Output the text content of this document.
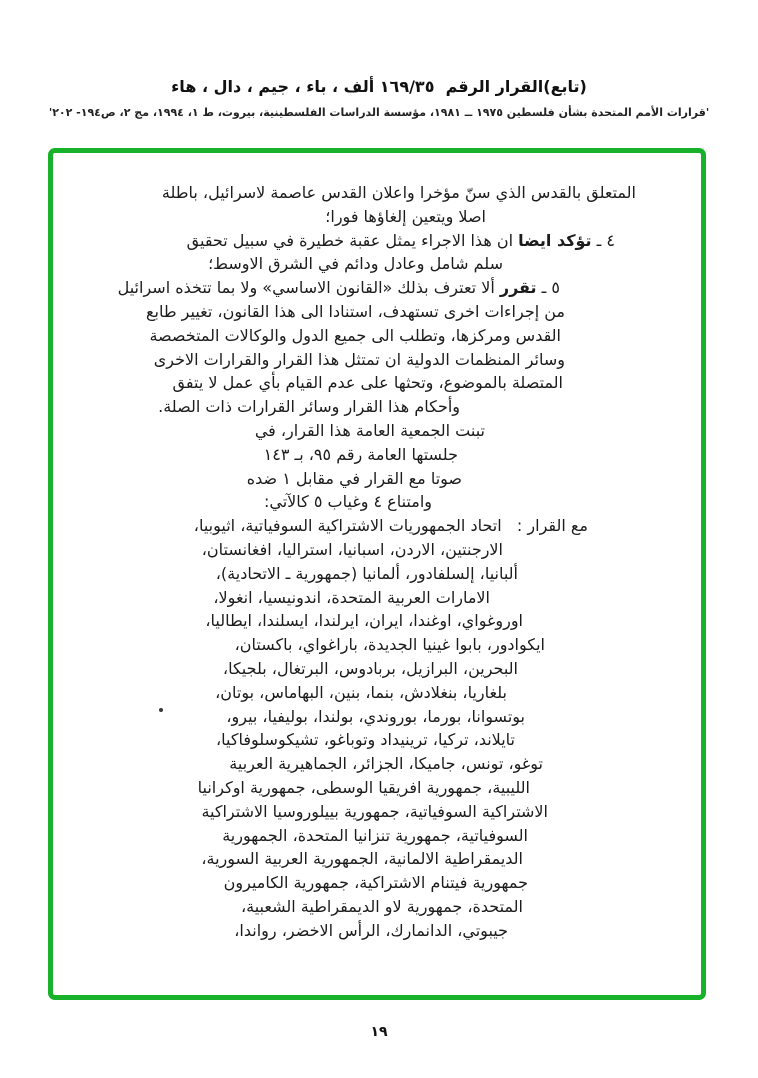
(تابع)القرار الرقم  ١٦٩/٣٥ ألف ، باء ، جيم ، دال ، هاء
'قرارات الأمم المتحدة بشأن فلسطين ١٩٧٥ ــ ١٩٨١، مؤسسة الدراسات الفلسطينية، بيروت، ط ١، ١٩٩٤، مج ٢، ص١٩٤- ٢٠٢'
المتعلق بالقدس الذي سنّ مؤخرا واعلان القدس عاصمة لاسرائيل، باطلة
اصلا ويتعين إلغاؤها فورا؛
٤ ـ تؤكد ايضا ان هذا الاجراء يمثل عقبة خطيرة في سبيل تحقيق
سلم شامل وعادل ودائم في الشرق الاوسط؛
٥ ـ تقرر ألا تعترف بذلك «القانون الاساسي» ولا بما تتخذه اسرائيل
من إجراءات اخرى تستهدف، استنادا الى هذا القانون، تغيير طابع
القدس ومركزها، وتطلب الى جميع الدول والوكالات المتخصصة
وسائر المنظمات الدولية ان تمتثل هذا القرار والقرارات الاخرى
المتصلة بالموضوع، وتحثها على عدم القيام بأي عمل لا يتفق
وأحكام هذا القرار وسائر القرارات ذات الصلة.
تبنت الجمعية العامة هذا القرار، في
جلستها العامة رقم ٩٥، بـ ١٤٣
صوتا مع القرار في مقابل ١ ضده
وامتناع ٤ وغياب ٥ كالآتي:
مع القرار :   اتحاد الجمهوريات الاشتراكية السوفياتية، اثيوبيا،
الارجنتين، الاردن، اسبانيا، استراليا، افغانستان،
ألبانيا، إلسلفادور، ألمانيا (جمهورية ـ الاتحادية)،
الامارات العربية المتحدة، اندونيسيا، انغولا،
اوروغواي، اوغندا، ايران، ايرلندا، ايسلندا، ايطاليا،
ايكوادور، بابوا غينيا الجديدة، باراغواي، باكستان،
البحرين، البرازيل، بربادوس، البرتغال، بلجيكا،
بلغاريا، بنغلادش، بنما، بنين، البهاماس، بوتان،
بوتسوانا، بورما، بوروندي، بولندا، بوليفيا، بيرو،
تايلاند، تركيا، ترينيداد وتوباغو، تشيكوسلوفاكيا،
توغو، تونس، جاميكا، الجزائر، الجماهيرية العربية
الليبية، جمهورية افريقيا الوسطى، جمهورية اوكرانيا
الاشتراكية السوفياتية، جمهورية بييلوروسيا الاشتراكية
السوفياتية، جمهورية تنزانيا المتحدة، الجمهورية
الديمقراطية الالمانية، الجمهورية العربية السورية،
جمهورية فيتنام الاشتراكية، جمهورية الكاميرون
المتحدة، جمهورية لاو الديمقراطية الشعبية،
جيبوتي، الدانمارك، الرأس الاخضر، رواندا،
١٩
